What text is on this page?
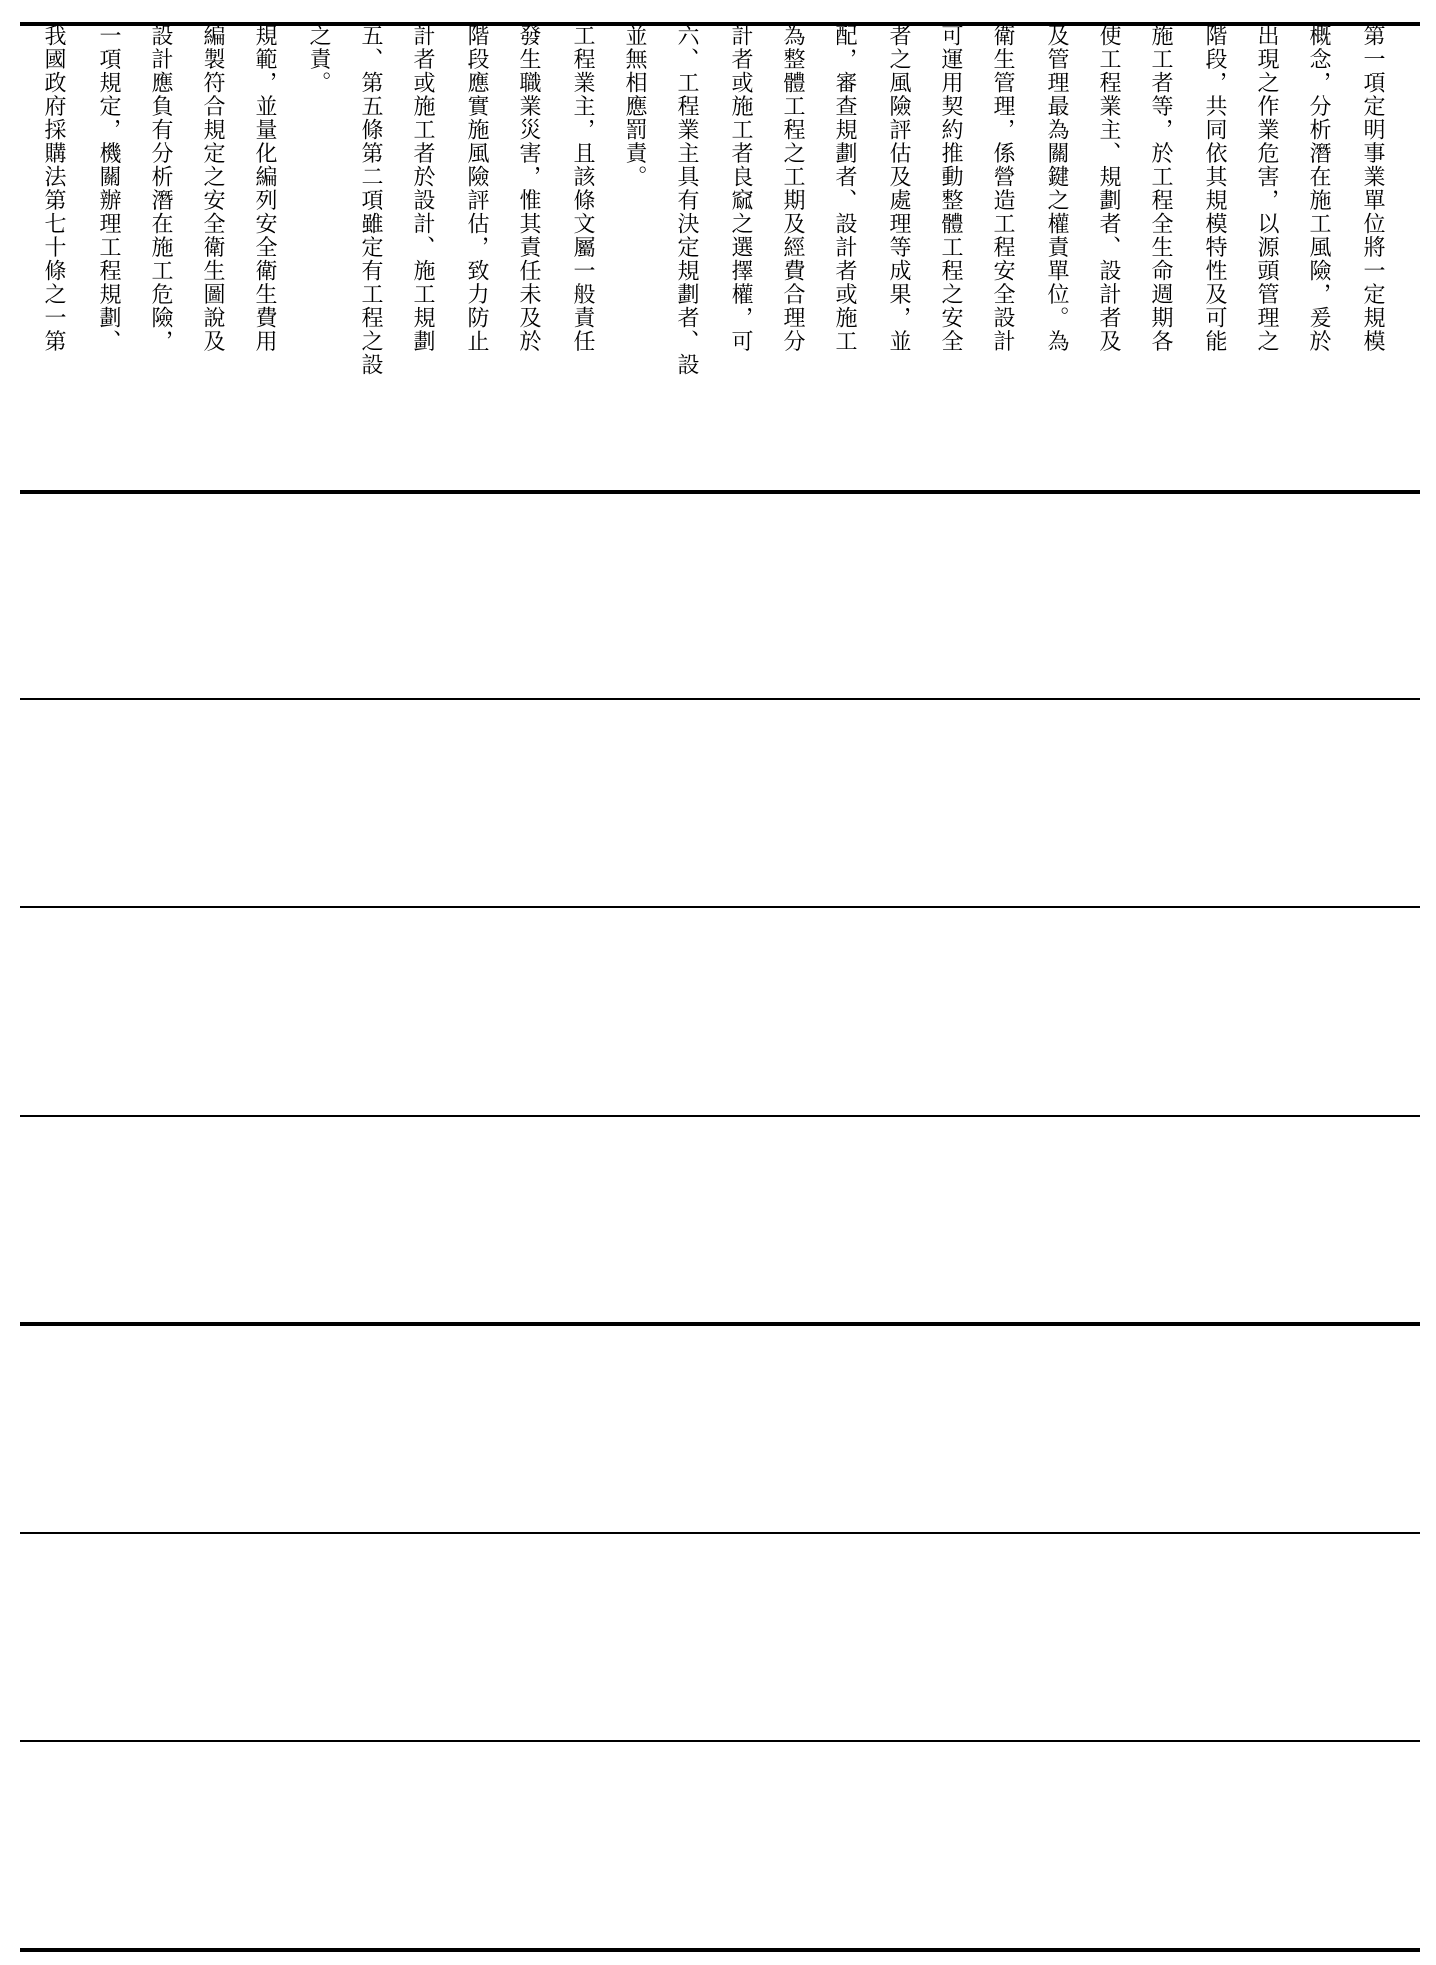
我國政府採購法第七十條之一第 一項規定，機關辦理工程規劃、 設計應負有分析潛在施工危險， 編製符合規定之安全衛生圖說及 規範，並量化編列安全衛生費用 之責。 五、第五條第二項雖定有工程之設 計者或施工者於設計、施工規劃 階段應實施風險評估，致力防止 發生職業災害，惟其責任未及於 工程業主，且該條文屬一般責任 並無相應罰責。 六、工程業主具有決定規劃者、設 計者或施工者良窳之選擇權，可 為整體工程之工期及經費合理分 配，審查規劃者、設計者或施工 者之風險評估及處理等成果，並 可運用契約推動整體工程之安全 衛生管理，係營造工程安全設計 及管理最為關鍵之權責單位。為 使工程業主、規劃者、設計者及 施工者等，於工程全生命週期各 階段，共同依其規模特性及可能 出現之作業危害，以源頭管理之 概念，分析潛在施工風險，爰於 第一項定明事業單位將一定規模
